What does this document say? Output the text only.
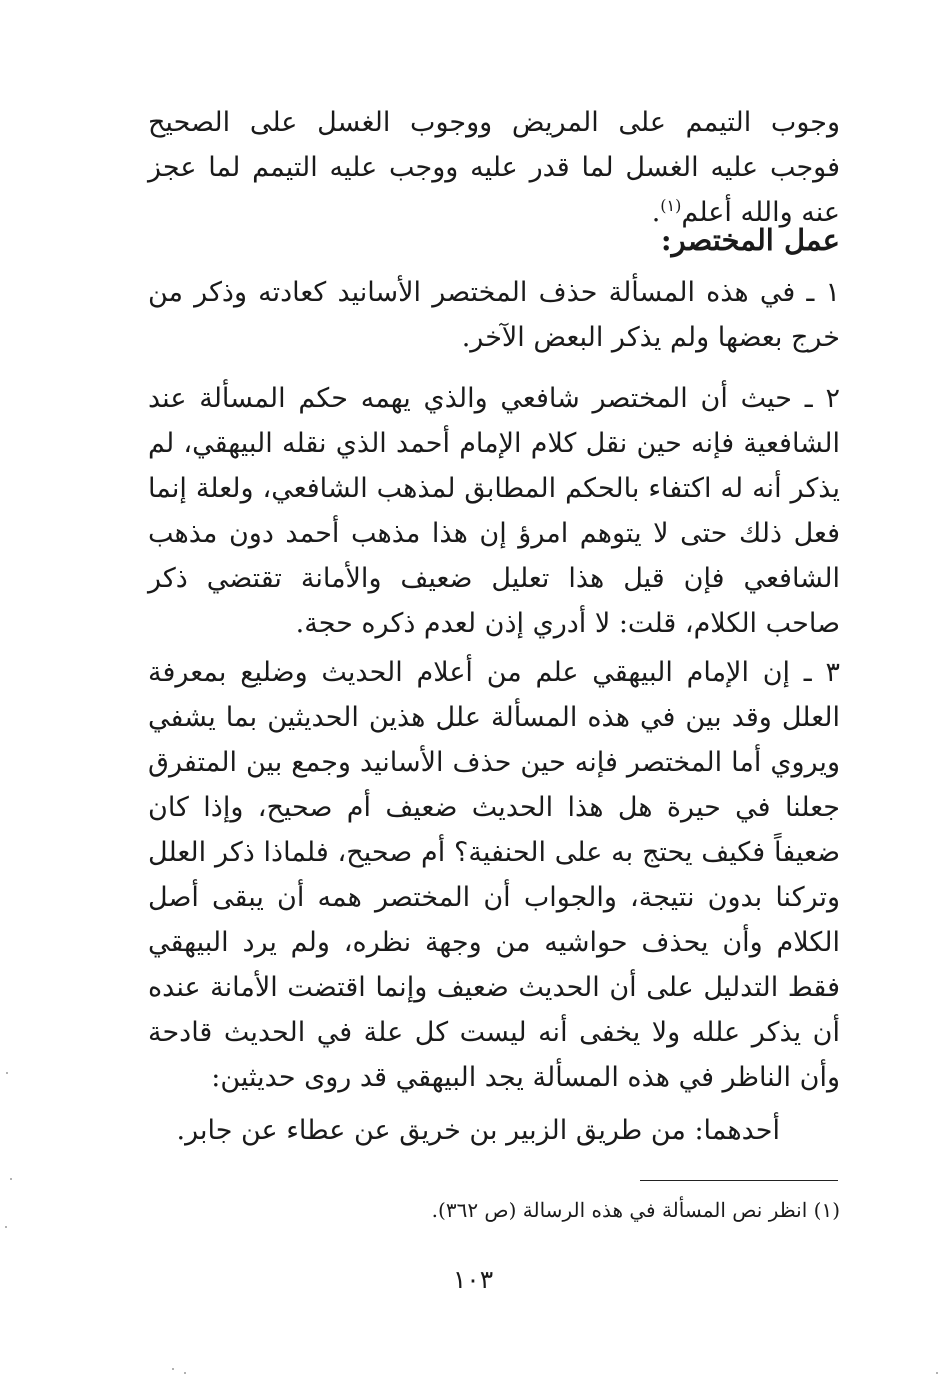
وجوب التيمم على المريض ووجوب الغسل على الصحيح فوجب عليه الغسل لما قدر عليه ووجب عليه التيمم لما عجز عنه والله أعلم$^{(١)}$.
عمل المختصر:
١ ـ في هذه المسألة حذف المختصر الأسانيد كعادته وذكر من خرج بعضها ولم يذكر البعض الآخر.
٢ ـ حيث أن المختصر شافعي والذي يهمه حكم المسألة عند الشافعية فإنه حين نقل كلام الإمام أحمد الذي نقله البيهقي، لم يذكر أنه له اكتفاء بالحكم المطابق لمذهب الشافعي، ولعلة إنما فعل ذلك حتى لا يتوهم امرؤ إن هذا مذهب أحمد دون مذهب الشافعي فإن قيل هذا تعليل ضعيف والأمانة تقتضي ذكر صاحب الكلام، قلت: لا أدري إذن لعدم ذكره حجة.
٣ ـ إن الإمام البيهقي علم من أعلام الحديث وضليع بمعرفة العلل وقد بين في هذه المسألة علل هذين الحديثين بما يشفي ويروي أما المختصر فإنه حين حذف الأسانيد وجمع بين المتفرق جعلنا في حيرة هل هذا الحديث ضعيف أم صحيح، وإذا كان ضعيفاً فكيف يحتج به على الحنفية؟ أم صحيح، فلماذا ذكر العلل وتركنا بدون نتيجة، والجواب أن المختصر همه أن يبقى أصل الكلام وأن يحذف حواشيه من وجهة نظره، ولم يرد البيهقي فقط التدليل على أن الحديث ضعيف وإنما اقتضت الأمانة عنده أن يذكر علله ولا يخفى أنه ليست كل علة في الحديث قادحة وأن الناظر في هذه المسألة يجد البيهقي قد روى حديثين:
أحدهما: من طريق الزبير بن خريق عن عطاء عن جابر.
(١) انظر نص المسألة في هذه الرسالة (ص ٣٦٢).
١٠٣
